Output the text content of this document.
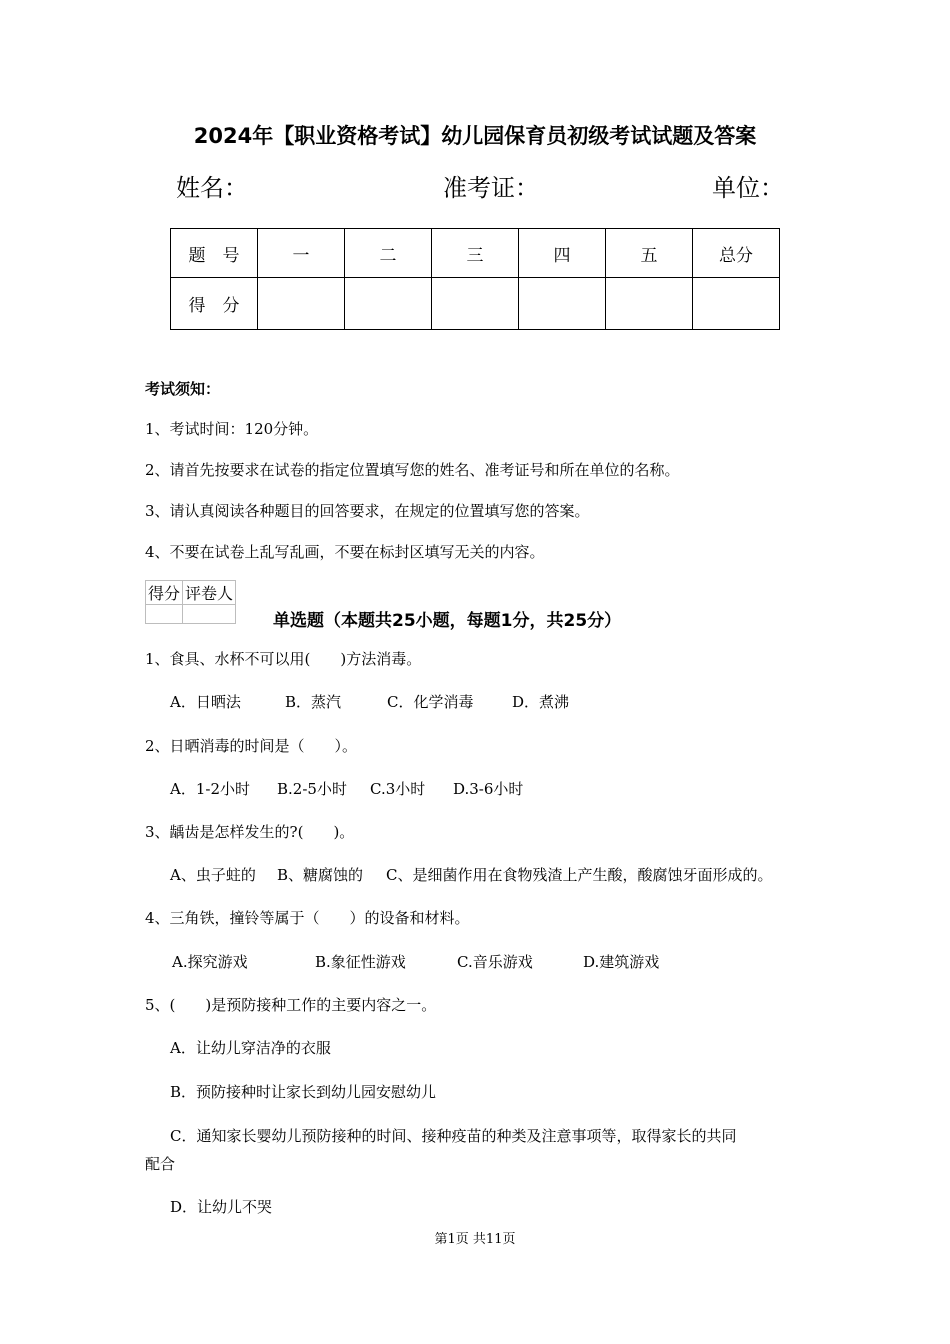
2024年【职业资格考试】幼儿园保育员初级考试试题及答案
姓名：	准考证：	单位：
题　号	一	二	三	四	五	总分
得　分						
考试须知：
1、考试时间：120分钟。
2、请首先按要求在试卷的指定位置填写您的姓名、准考证号和所在单位的名称。
3、请认真阅读各种题目的回答要求，在规定的位置填写您的答案。
4、不要在试卷上乱写乱画，不要在标封区填写无关的内容。
得分	评卷人

单选题（本题共25小题，每题1分，共25分）
1、食具、水杯不可以用(　　)方法消毒。
A．日晒法	B．蒸汽	C．化学消毒	D．煮沸
2、日晒消毒的时间是（　　）。
A．1-2小时 B.2-5小时 C.3小时 D.3-6小时
3、龋齿是怎样发生的?(　　)。
A、虫子蛀的 B、糖腐蚀的 C、是细菌作用在食物残渣上产生酸，酸腐蚀牙面形成的。
4、三角铁，撞铃等属于（　　）的设备和材料。
A.探究游戏	B.象征性游戏	C.音乐游戏	D.建筑游戏
5、(　　)是预防接种工作的主要内容之一。
A．让幼儿穿洁净的衣服
B．预防接种时让家长到幼儿园安慰幼儿
C．通知家长婴幼儿预防接种的时间、接种疫苗的种类及注意事项等，取得家长的共同
配合
D．让幼儿不哭
第1页 共11页
